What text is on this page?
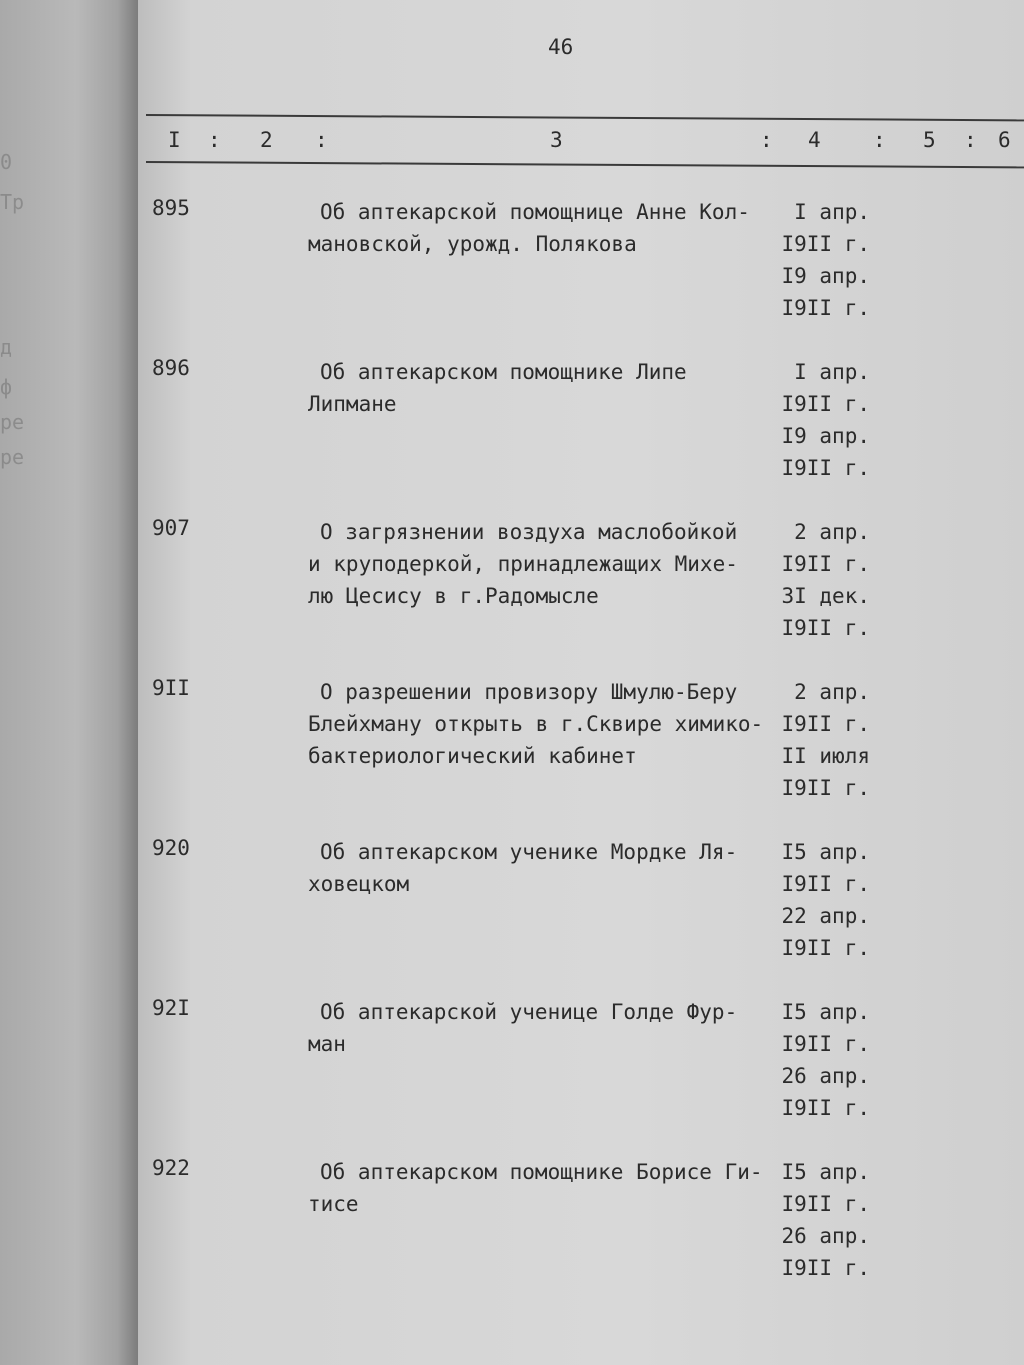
0
Тр
д
ф
ре
ре
46
I : 2 :	3	: 4 : 5 : 6
895	Об аптекарской помощнице Анне Кол-
мановской, урожд. Полякова
I апр.
I9II г.
I9 апр.
I9II г.
896	Об аптекарском помощнике Липе
Липмане
I апр.
I9II г.
I9 апр.
I9II г.
907	О загрязнении воздуха маслобойкой
и круподеркой, принадлежащих Михе-
лю Цесису в г.Радомысле
2 апр.
I9II г.
3I дек.
I9II г.
9II	О разрешении провизору Шмулю-Беру
Блейхману открыть в г.Сквире химико-
бактериологический кабинет
2 апр.
I9II г.
II июля
I9II г.
920	Об аптекарском ученике Мордке Ля-
ховецком
I5 апр.
I9II г.
22 апр.
I9II г.
92I	Об аптекарской ученице Голде Фур-
ман
I5 апр.
I9II г.
26 апр.
I9II г.
922	Об аптекарском помощнике Борисе Ги-
тисе
I5 апр.
I9II г.
26 апр.
I9II г.
